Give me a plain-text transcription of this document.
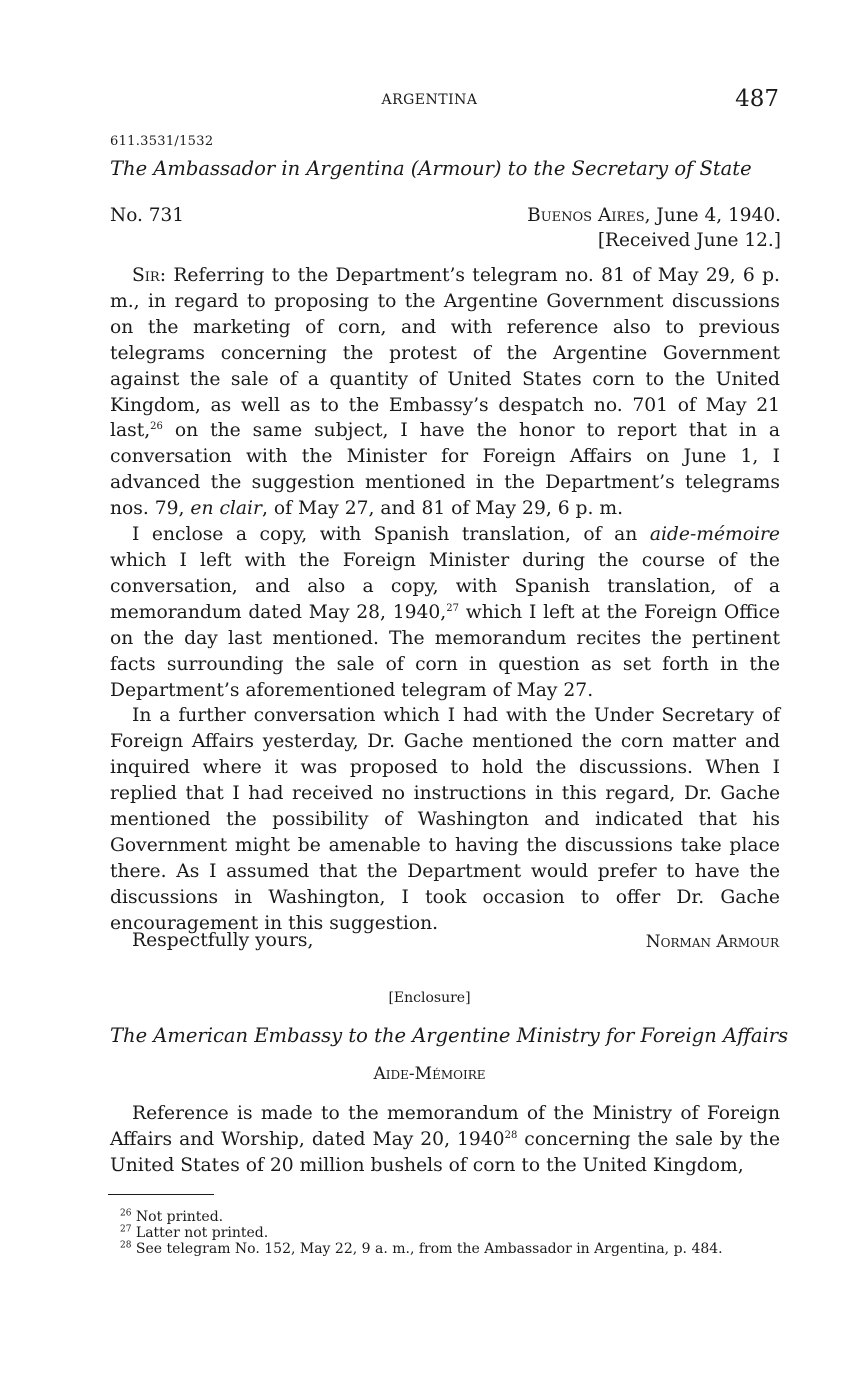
ARGENTINA	487
611.3531/1532
The Ambassador in Argentina (Armour) to the Secretary of State
No. 731	Buenos Aires, June 4, 1940.
[Received June 12.]

Sir: Referring to the Department’s telegram no. 81 of May 29, 6 p. m., in regard to proposing to the Argentine Government discussions on the marketing of corn, and with reference also to previous telegrams concerning the protest of the Argentine Government against the sale of a quantity of United States corn to the United Kingdom, as well as to the Embassy’s despatch no. 701 of May 21 last,$^{26}$ on the same subject, I have the honor to report that in a conversation with the Minister for Foreign Affairs on June 1, I advanced the suggestion mentioned in the Department’s telegrams nos. 79, en clair, of May 27, and 81 of May 29, 6 p. m.

I enclose a copy, with Spanish translation, of an aide-mémoire which I left with the Foreign Minister during the course of the conversation, and also a copy, with Spanish translation, of a memorandum dated May 28, 1940,27 which I left at the Foreign Office on the day last mentioned. The memorandum recites the pertinent facts surrounding the sale of corn in question as set forth in the Department’s aforementioned telegram of May 27.

In a further conversation which I had with the Under Secretary of Foreign Affairs yesterday, Dr. Gache mentioned the corn matter and inquired where it was proposed to hold the discussions. When I replied that I had received no instructions in this regard, Dr. Gache mentioned the possibility of Washington and indicated that his Government might be amenable to having the discussions take place there. As I assumed that the Department would prefer to have the discussions in Washington, I took occasion to offer Dr. Gache encouragement in this suggestion.

Respectfully yours,	Norman Armour
[Enclosure]
The American Embassy to the Argentine Ministry for Foreign Affairs
Aide-Mémoire

Reference is made to the memorandum of the Ministry of Foreign Affairs and Worship, dated May 20, 1940$^{28}$ concerning the sale by the United States of 20 million bushels of corn to the United Kingdom,

$^{26}$ Not printed.

$^{27}$ Latter not printed.

$^{28}$ See telegram No. 152, May 22, 9 a. m., from the Ambassador in Argentina, p. 484.
